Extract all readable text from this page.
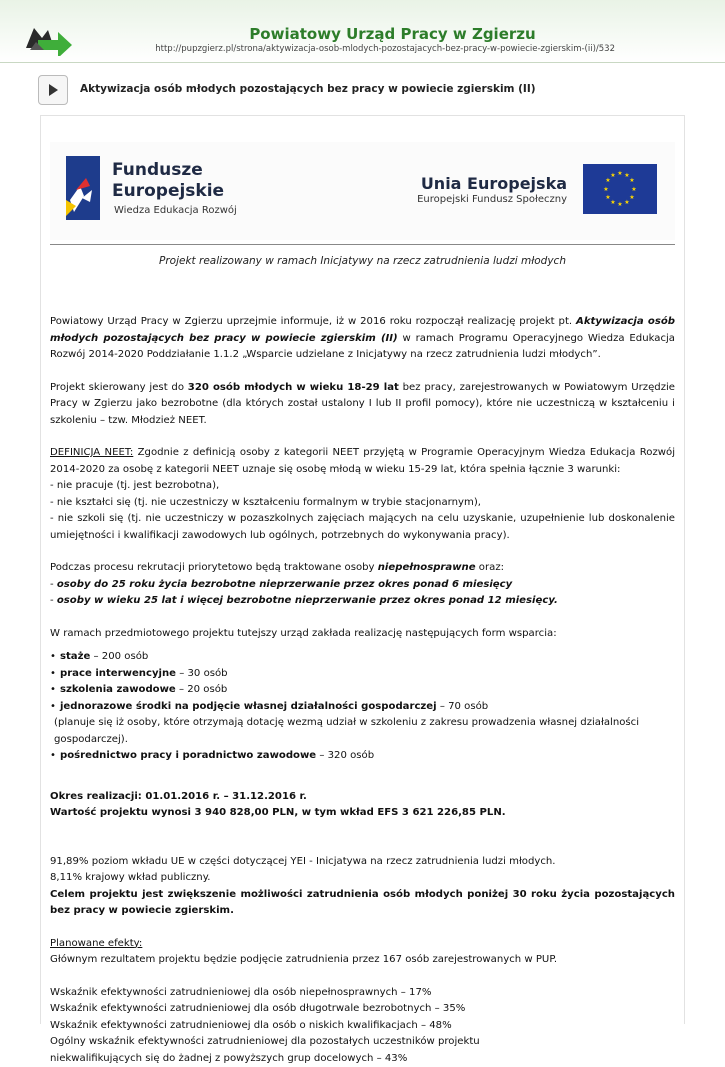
Powiatowy Urząd Pracy w Zgierzu
http://pupzgierz.pl/strona/aktywizacja-osob-mlodych-pozostajacych-bez-pracy-w-powiecie-zgierskim-(ii)/532
Aktywizacja osób młodych pozostających bez pracy w powiecie zgierskim (II)
Fundusze
Europejskie
Wiedza Edukacja Rozwój
Unia Europejska
Europejski Fundusz Społeczny
★ ★
★
★
★
★
★
★
★
★
★
★
Projekt realizowany w ramach Inicjatywy na rzecz zatrudnienia ludzi młodych

Powiatowy Urząd Pracy w Zgierzu uprzejmie informuje, iż w 2016 roku rozpoczął realizację projekt pt. Aktywizacja osób młodych pozostających bez pracy w powiecie zgierskim (II) w ramach Programu Operacyjnego Wiedza Edukacja Rozwój 2014-2020 Poddziałanie 1.1.2 „Wsparcie udzielane z Inicjatywy na rzecz zatrudnienia ludzi młodych”.

Projekt skierowany jest do 320 osób młodych w wieku 18-29 lat bez pracy, zarejestrowanych w Powiatowym Urzędzie Pracy w Zgierzu jako bezrobotne (dla których został ustalony I lub II profil pomocy), które nie uczestniczą w kształceniu i szkoleniu – tzw. Młodzież NEET.

DEFINICJA NEET: Zgodnie z definicją osoby z kategorii NEET przyjętą w Programie Operacyjnym Wiedza Edukacja Rozwój 2014-2020 za osobę z kategorii NEET uznaje się osobę młodą w wieku 15-29 lat, która spełnia łącznie 3 warunki:

- nie pracuje (tj. jest bezrobotna),

- nie kształci się (tj. nie uczestniczy w kształceniu formalnym w trybie stacjonarnym),

- nie szkoli się (tj. nie uczestniczy w pozaszkolnych zajęciach mających na celu uzyskanie, uzupełnienie lub doskonalenie umiejętności i kwalifikacji zawodowych lub ogólnych, potrzebnych do wykonywania pracy).

Podczas procesu rekrutacji priorytetowo będą traktowane osoby niepełnosprawne oraz:

- osoby do 25 roku życia bezrobotne nieprzerwanie przez okres ponad 6 miesięcy

- osoby w wieku 25 lat i więcej bezrobotne nieprzerwanie przez okres ponad 12 miesięcy.

W ramach przedmiotowego projektu tutejszy urząd zakłada realizację następujących form wsparcia:

• staże – 200 osób
• prace interwencyjne – 30 osób
• szkolenia zawodowe – 20 osób
• jednorazowe środki na podjęcie własnej działalności gospodarczej – 70 osób

(planuje się iż osoby, które otrzymają dotację wezmą udział w szkoleniu z zakresu prowadzenia własnej działalności gospodarczej).

• pośrednictwo pracy i poradnictwo zawodowe – 320 osób

Okres realizacji: 01.01.2016 r. – 31.12.2016 r.

Wartość projektu wynosi 3 940 828,00 PLN, w tym wkład EFS 3 621 226,85 PLN.

91,89% poziom wkładu UE w części dotyczącej YEI - Inicjatywa na rzecz zatrudnienia ludzi młodych.

8,11% krajowy wkład publiczny.

Celem projektu jest zwiększenie możliwości zatrudnienia osób młodych poniżej 30 roku życia pozostających bez pracy w powiecie zgierskim.

Planowane efekty:

Głównym rezultatem projektu będzie podjęcie zatrudnienia przez 167 osób zarejestrowanych w PUP.

Wskaźnik efektywności zatrudnieniowej dla osób niepełnosprawnych – 17%

Wskaźnik efektywności zatrudnieniowej dla osób długotrwale bezrobotnych – 35%

Wskaźnik efektywności zatrudnieniowej dla osób o niskich kwalifikacjach – 48%

Ogólny wskaźnik efektywności zatrudnieniowej dla pozostałych uczestników projektu

niekwalifikujących się do żadnej z powyższych grup docelowych – 43%
